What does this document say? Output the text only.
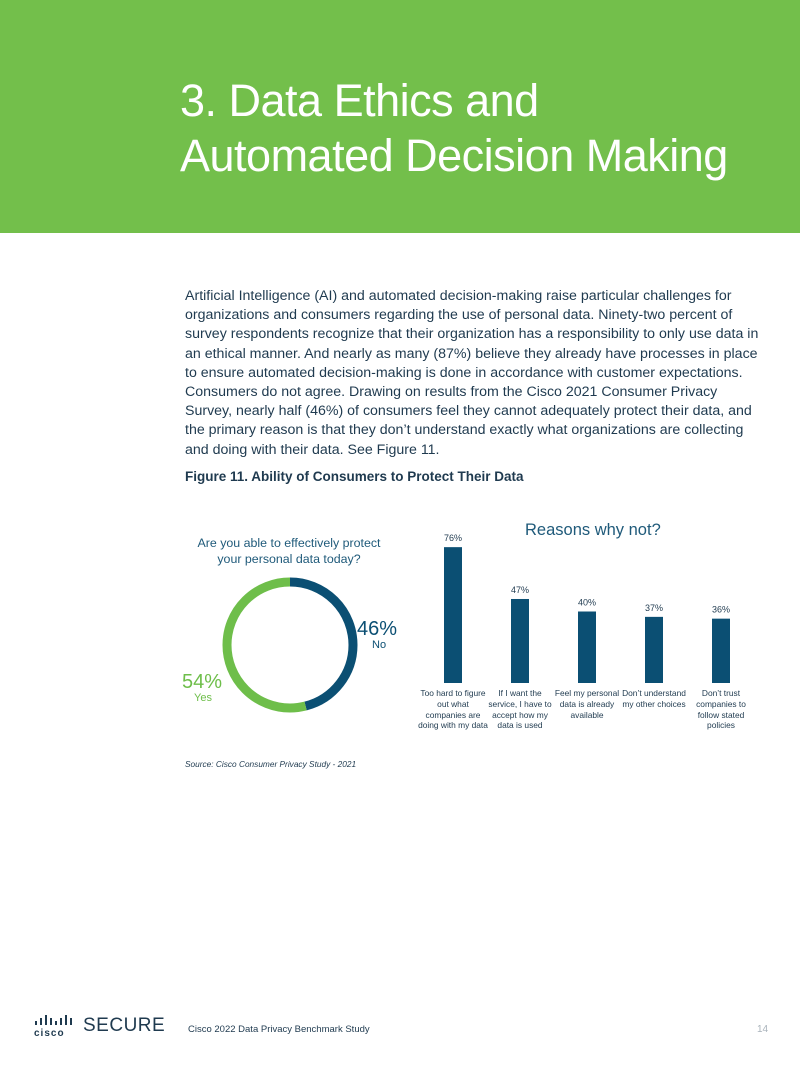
3. Data Ethics and
Automated Decision Making

Artificial Intelligence (AI) and automated decision-making raise particular challenges for organizations and consumers regarding the use of personal data. Ninety-two percent of survey respondents recognize that their organization has a responsibility to only use data in an ethical manner. And nearly as many (87%) believe they already have processes in place to ensure automated decision-making is done in accordance with customer expectations. Consumers do not agree. Drawing on results from the Cisco 2021 Consumer Privacy Survey, nearly half (46%) of consumers feel they cannot adequately protect their data, and the primary reason is that they don’t understand exactly what organizations are collecting and doing with their data. See Figure 11.

Figure 11. Ability of Consumers to Protect Their Data
Are you able to effectively protect your personal data today?
46%
No
54%
Yes
Reasons why not?
76%
47%
40%
37%	36%
Too hard to figure out what companies are doing with my data
If I want the service, I have to accept how my data is used
Feel my personal data is already available
Don’t understand my other choices
Don’t trust companies to follow stated policies
Source: Cisco Consumer Privacy Study - 2021
cisco SECURE Cisco 2022 Data Privacy Benchmark Study	14
